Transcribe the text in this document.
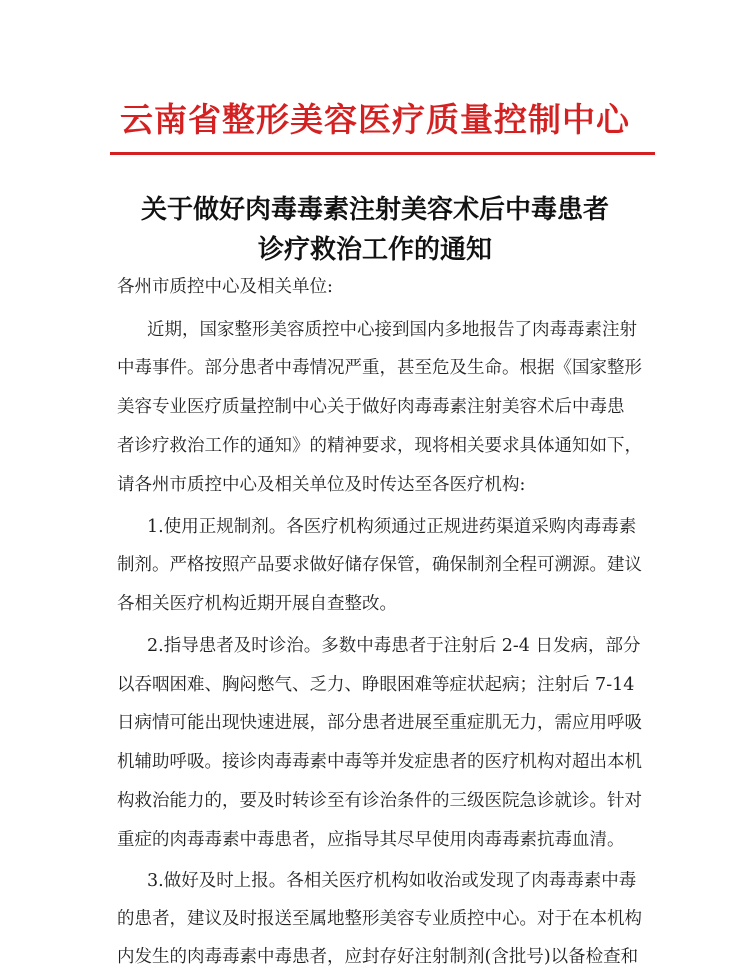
云南省整形美容医疗质量控制中心
关于做好肉毒毒素注射美容术后中毒患者
诊疗救治工作的通知
各州市质控中心及相关单位:
近期，国家整形美容质控中心接到国内多地报告了肉毒毒素注射
中毒事件。部分患者中毒情况严重，甚至危及生命。根据《国家整形
美容专业医疗质量控制中心关于做好肉毒毒素注射美容术后中毒患
者诊疗救治工作的通知》的精神要求，现将相关要求具体通知如下，
请各州市质控中心及相关单位及时传达至各医疗机构:
1.使用正规制剂。各医疗机构须通过正规进药渠道采购肉毒毒素
制剂。严格按照产品要求做好储存保管，确保制剂全程可溯源。建议
各相关医疗机构近期开展自查整改。
2.指导患者及时诊治。多数中毒患者于注射后 2-4 日发病，部分
以吞咽困难、胸闷憋气、乏力、睁眼困难等症状起病；注射后 7-14
日病情可能出现快速进展，部分患者进展至重症肌无力，需应用呼吸
机辅助呼吸。接诊肉毒毒素中毒等并发症患者的医疗机构对超出本机
构救治能力的，要及时转诊至有诊治条件的三级医院急诊就诊。针对
重症的肉毒毒素中毒患者，应指导其尽早使用肉毒毒素抗毒血清。
3.做好及时上报。各相关医疗机构如收治或发现了肉毒毒素中毒
的患者，建议及时报送至属地整形美容专业质控中心。对于在本机构
内发生的肉毒毒素中毒患者，应封存好注射制剂(含批号)以备检查和
